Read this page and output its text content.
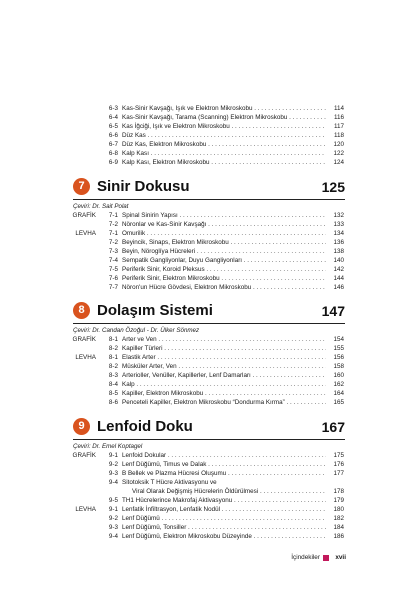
6-3 Kas-Sinir Kavşağı, Işık ve Elektron Mikroskobu . . .	114
6-4 Kas-Sinir Kavşağı, Tarama (Scanning) Elektron Mikroskobu . . .	116
6-5 Kas İğciği, Işık ve Elektron Mikroskobu . . .	117
6-6 Düz Kas . . .	118
6-7 Düz Kas, Elektron Mikroskobu . . .	120
6-8 Kalp Kası . . .	122
6-9 Kalp Kası, Elektron Mikroskobu . . .	124
7 Sinir Dokusu	125
Çeviri: Dr. Sait Polat
GRAFİK	7-1 Spinal Sinirin Yapısı . . .	132
7-2 Nöronlar ve Kas-Sinir Kavşağı . . .	133
LEVHA	7-1 Omurilik . . .	134
7-2 Beyincik, Sinaps, Elektron Mikroskobu . . .	136
7-3 Beyin, Nöroglíya Hücreleri . . .	138
7-4 Sempatik Gangliyonlar, Duyu Gangliyonları . . .	140
7-5 Periferik Sinir, Koroid Pleksus . . .	142
7-6 Periferik Sinir, Elektron Mikroskobu . . .	144
7-7 Nöron'un Hücre Gövdesi, Elektron Mikroskobu . . .	146
8 Dolaşım Sistemi	147
Çeviri: Dr. Candan Özoğul - Dr. Ülker Sönmez
GRAFİK	8-1 Arter ve Ven . . .	154
8-2 Kapiller Türleri . . .	155
LEVHA	8-1 Elastik Arter . . .	156
8-2 Müsküler Arter, Ven . . .	158
8-3 Arterioller, Venüller, Kapillerler, Lenf Damarları . . .	160
8-4 Kalp . . .	162
8-5 Kapiller, Elektron Mikroskobu . . .	164
8-6 Penceteli Kapiller, Elektron Mikroskobu “Dondurma Kırma” . . .	165
9 Lenfoid Doku	167
Çeviri: Dr. Emel Koptagel
GRAFİK	9-1 Lenfoid Dokular . . .	175
9-2 Lenf Düğümü, Timus ve Dalak . . .	176
9-3 B Bellek ve Plazma Hücresi Oluşumu . . .	177
9-4 Sitotoksik T Hücre Aktivasyonu ve
Viral Olarak Değişmiş Hücrelerin Öldürülmesi . . .	178
9-5 TH1 Hücrelerince Makrofaj Aktivasyonu . . .	179
LEVHA	9-1 Lenfatik İnfiltrasyon, Lenfatik Nodül . . .	180
9-2 Lenf Düğümü . . .	182
9-3 Lenf Düğümü, Tonsiller . . .	184
9-4 Lenf Düğümü, Elektron Mikroskobu Düzeyinde . . .	186
İçindekiler xvii
